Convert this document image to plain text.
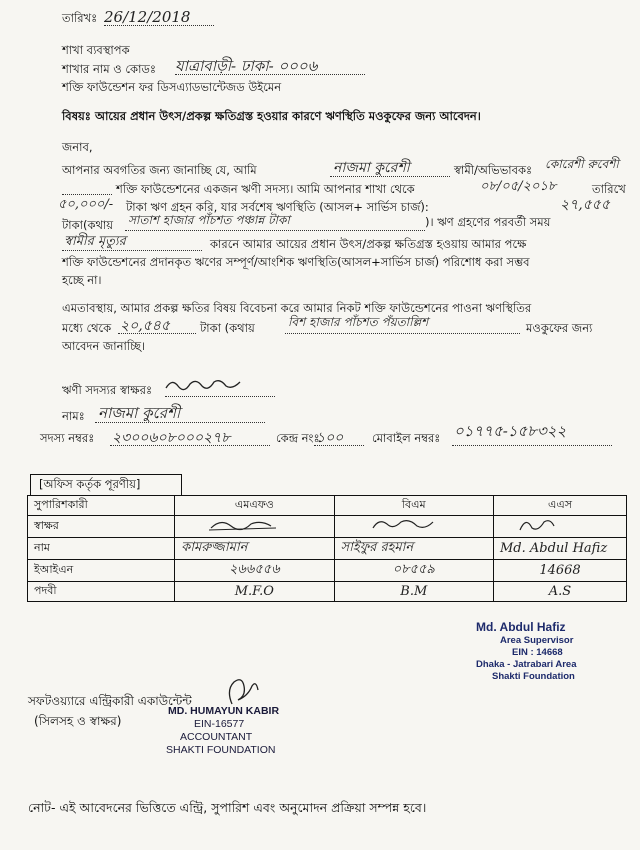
তারিখঃ 26/12/2018
শাখা ব্যবস্থাপক
শাখার নাম ও কোডঃ যাত্রাবাড়ী- ঢাকা- ০০০৬
শক্তি ফাউন্ডেশন ফর ডিসএ্যাডভান্টেজড উইমেন
বিষয়ঃ আয়ের প্রধান উৎস/প্রকল্প ক্ষতিগ্রস্ত হওয়ার কারণে ঋণস্থিতি মওকুফের জন্য আবেদন।
জনাব,
আপনার অবগতির জন্য জানাচ্ছি যে, আমি	নাজমা কুরেশী	স্বামী/অভিভাবকঃ কোরেশী রুবেশী
শক্তি ফাউন্ডেশনের একজন ঋণী সদস্য। আমি আপনার শাখা থেকে	০৮/০৫/২০১৮	তারিখে
৫০,০০০/- টাকা ঋণ গ্রহন করি, যার সর্বশেষ ঋণস্থিতি (আসল+ সার্ভিস চার্জ):	২৭,৫৫৫
টাকা(কথায় সাতাশ হাজার পাঁচশত পঞ্চান্ন টাকা	)। ঋণ গ্রহণের পরবর্তী সময়
স্বামীর মৃত্যুর	কারনে আমার আয়ের প্রধান উৎস/প্রকল্প ক্ষতিগ্রস্ত হওয়ায় আমার পক্ষে
শক্তি ফাউন্ডেশনের প্রদানকৃত ঋণের সম্পূর্ণ/আংশিক ঋণস্থিতি(আসল+সার্ভিস চার্জ) পরিশোধ করা সম্ভব
হচ্ছে না।
এমতাবস্থায়, আমার প্রকল্প ক্ষতির বিষয় বিবেচনা করে আমার নিকট শক্তি ফাউন্ডেশনের পাওনা ঋণস্থিতির
মধ্যে থেকে ২০,৫৪৫	টাকা (কথায়	বিশ হাজার পাঁচশত পঁয়তাল্লিশ	মওকুফের জন্য
আবেদন জানাচ্ছি।
ঋণী সদস্যর স্বাক্ষরঃ
নামঃ নাজমা কুরেশী
সদস্য নম্বরঃ ২৩০০৬০৮০০০২৭৮	কেন্দ্র নংঃ
১০০ মোবাইল নম্বরঃ ০১৭৭৫-১৫৮৩২২
[অফিস কর্তৃক পূরণীয়]
সুপারিশকারী	এমএফও	বিএম	এএস
স্বাক্ষর			
নাম	কামরুজ্জামান	সাইফুর রহমান	Md. Abdul Hafiz
ইআইএন	২৬৬৫৫৬	০৮৫৫৯	14668
পদবী	M.F.O	B.M	A.S
Md. Abdul Hafiz
Area Supervisor
EIN : 14668
Dhaka - Jatrabari Area
Shakti Foundation
সফটওয়্যারে এন্ট্রিকারী একাউন্টেন্ট
(সিলসহ ও স্বাক্ষর)
MD. HUMAYUN KABIR
EIN-16577
ACCOUNTANT
SHAKTI FOUNDATION
নোট- এই আবেদনের ভিত্তিতে এন্ট্রি, সুপারিশ এবং অনুমোদন প্রক্রিয়া সম্পন্ন হবে।
